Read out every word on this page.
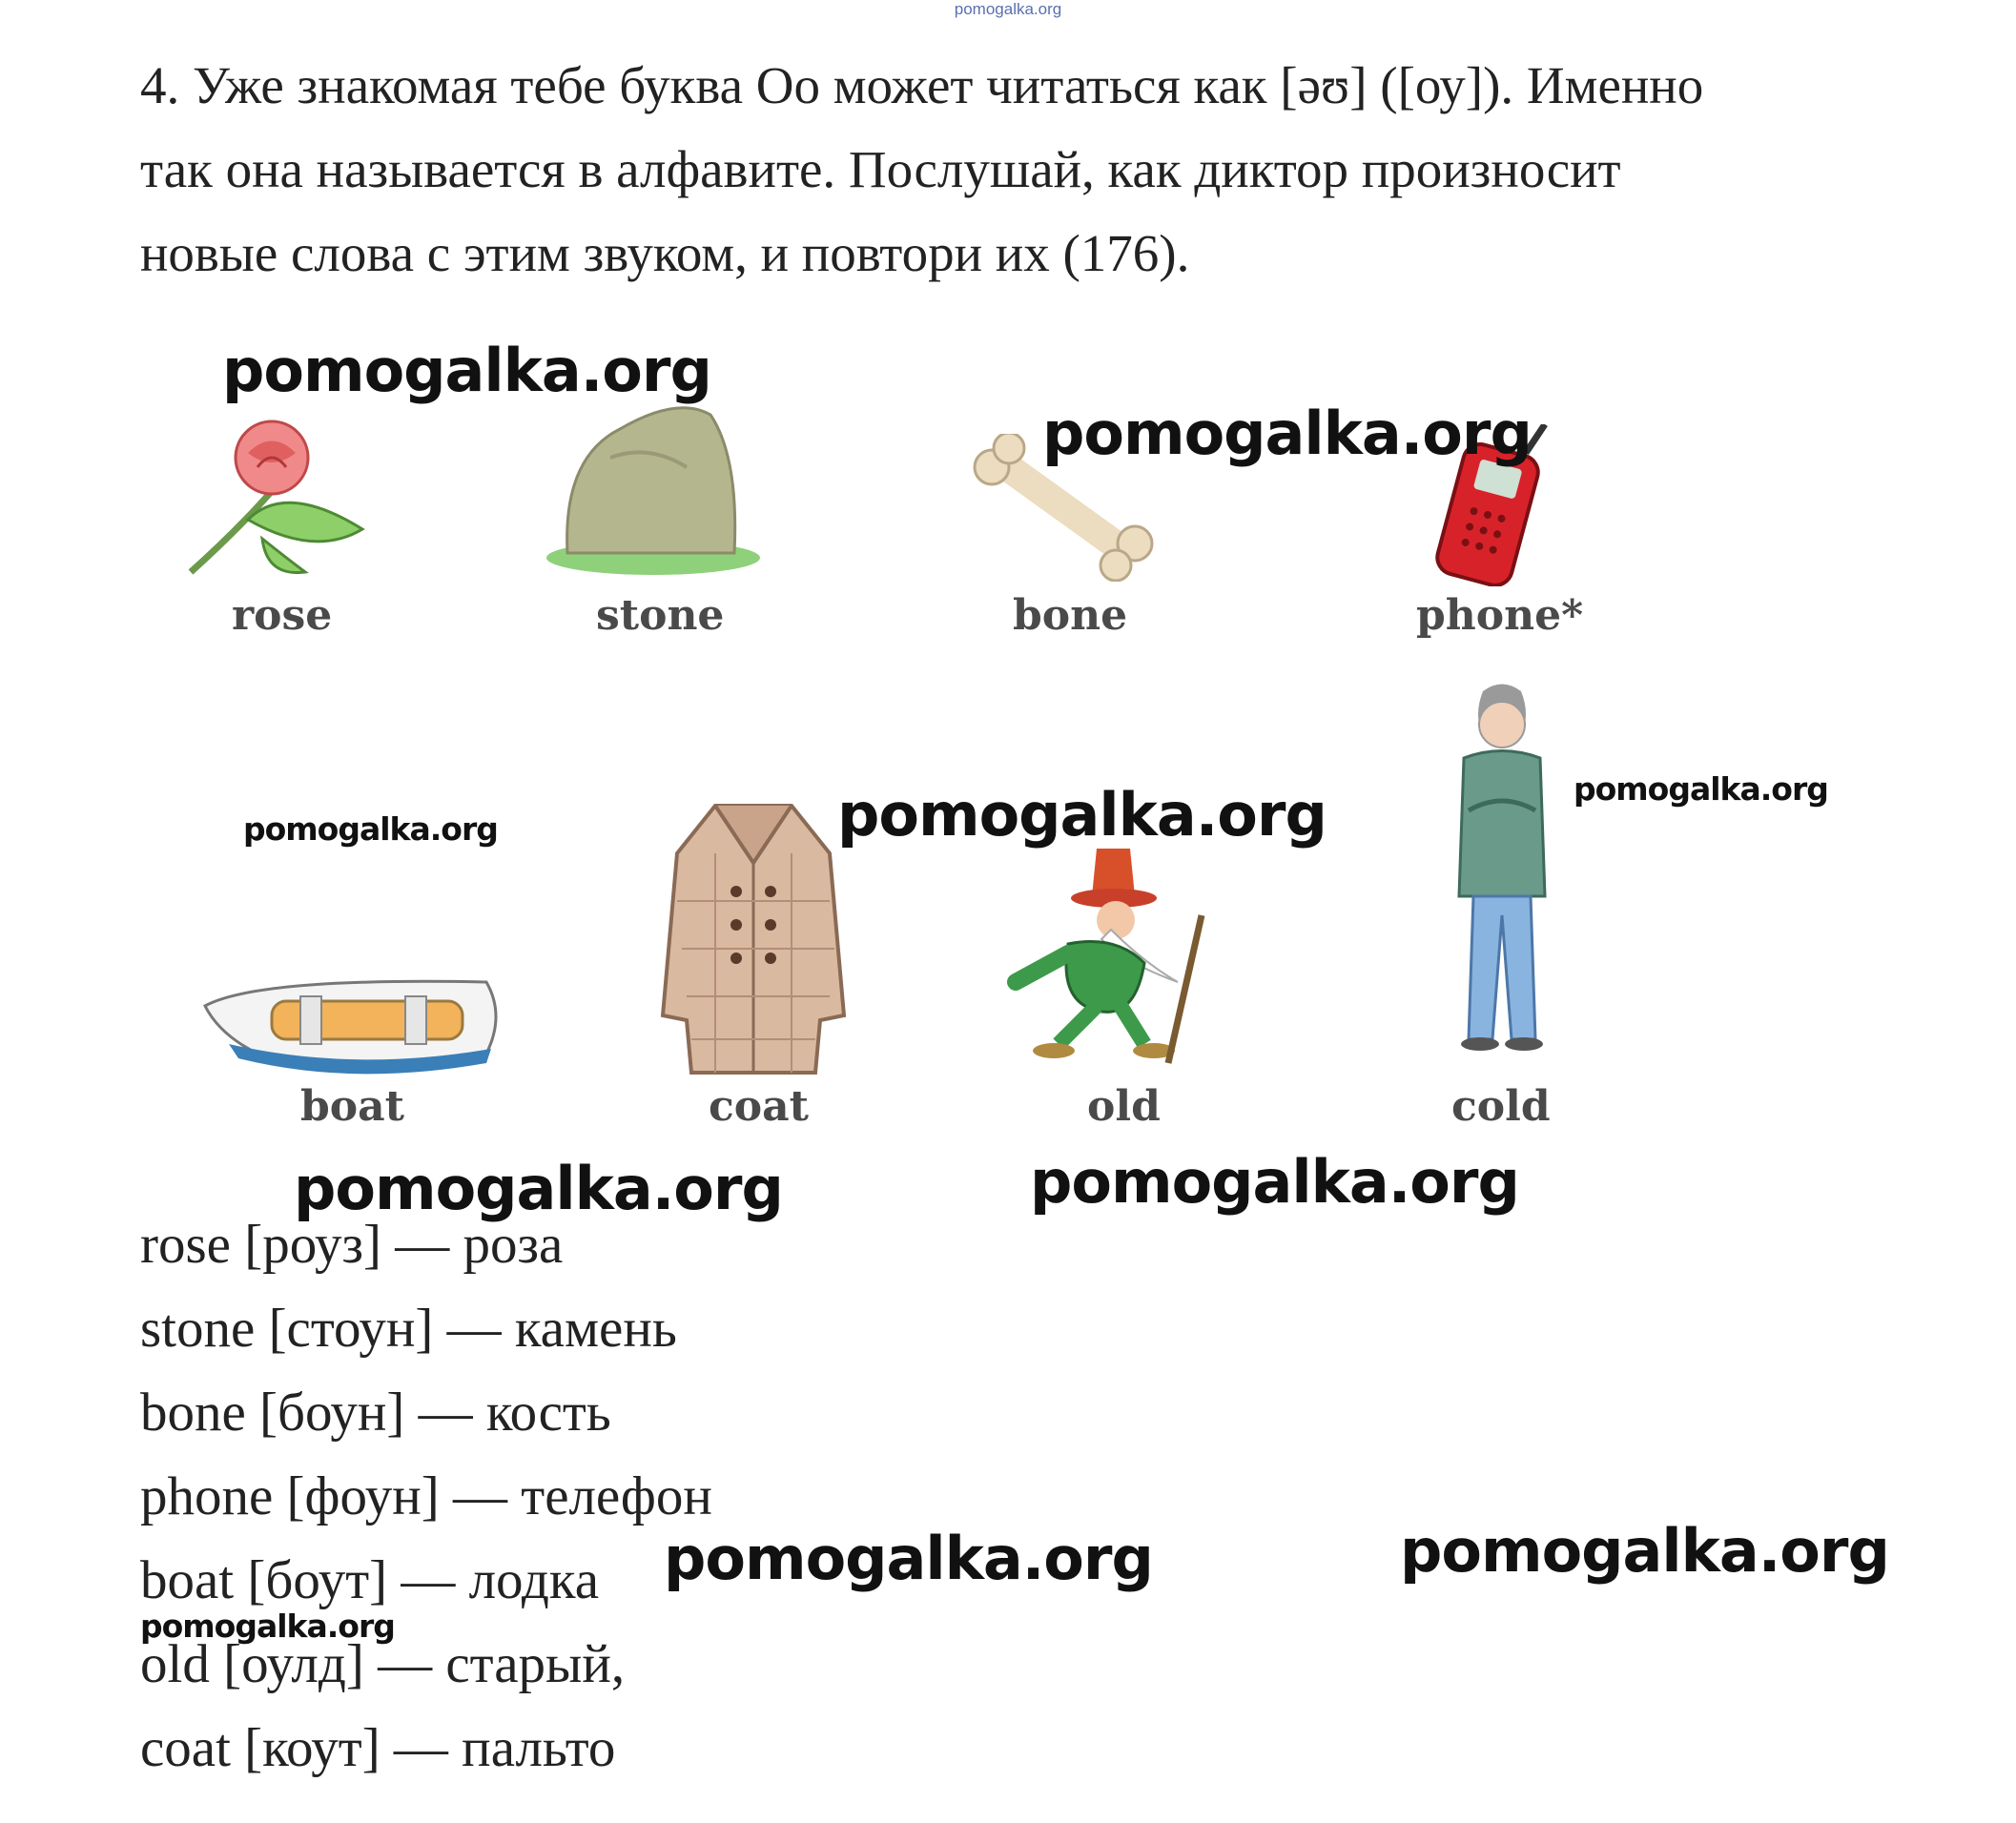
pomogalka.org

4. Уже знакомая тебе буква Оо может читаться как [əʊ] ([оу]). Именно

так она называется в алфавите. Послушай, как диктор произносит

новые слова с этим звуком, и повтори их (176).

rose	stone	bone	phone*
boat	coat	old	cold
rose [роуз] — роза
stone [стоун] — камень
bone [боун] — кость
phone [фоун] — телефон
boat [боут] — лодка
old [оулд] — старый,
coat [коут] — пальто
pomogalka.org
pomogalka.org
pomogalka.org	pomogalka.org	pomogalka.org
pomogalka.org	pomogalka.org
pomogalka.org	pomogalka.org
pomogalka.org
